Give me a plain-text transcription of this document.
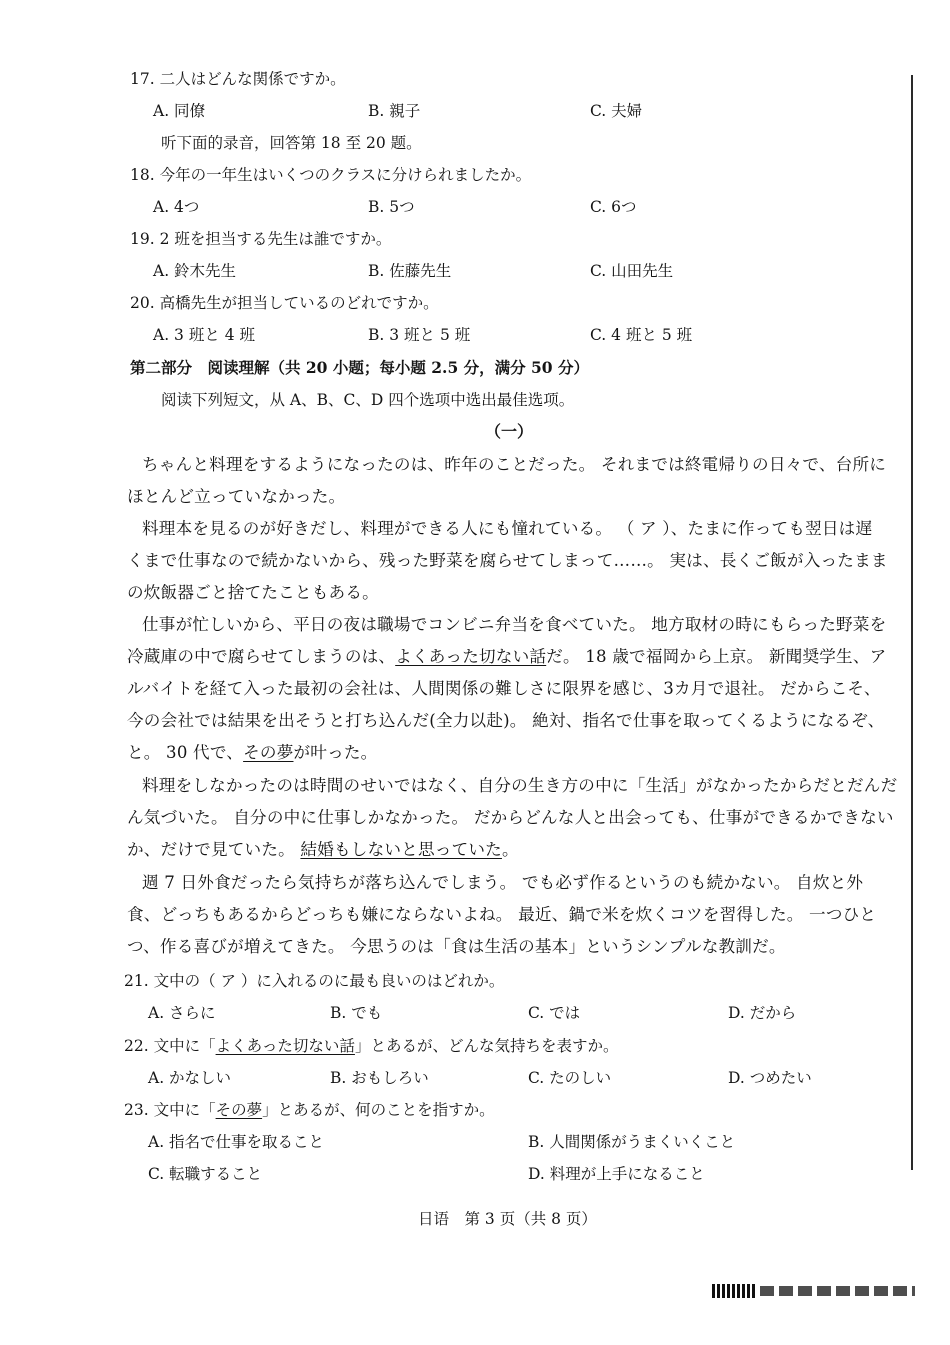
17. 二人はどんな関係ですか。
A. 同僚	B. 親子	C. 夫婦
听下面的录音，回答第 18 至 20 题。
18. 今年の一年生はいくつのクラスに分けられましたか。
A. 4つ	B. 5つ	C. 6つ
19. 2 班を担当する先生は誰ですか。
A. 鈴木先生	B. 佐藤先生	C. 山田先生
20. 高橋先生が担当しているのどれですか。
A. 3 班と 4 班	B. 3 班と 5 班	C. 4 班と 5 班
第二部分　阅读理解（共 20 小题；每小题 2.5 分，满分 50 分）
阅读下列短文，从 A、B、C、D 四个选项中选出最佳选项。
（一）
ちゃんと料理をするようになったのは、昨年のことだった。 それまでは終電帰りの日々で、台所に
ほとんど立っていなかった。
料理本を見るのが好きだし、料理ができる人にも憧れている。 （ ア ）、たまに作っても翌日は遅
くまで仕事なので続かないから、残った野菜を腐らせてしまって……。 実は、長くご飯が入ったまま
の炊飯器ごと捨てたこともある。
仕事が忙しいから、平日の夜は職場でコンビニ弁当を食べていた。 地方取材の時にもらった野菜を
冷蔵庫の中で腐らせてしまうのは、よくあった切ない話だ。 18 歳で福岡から上京。 新聞奨学生、ア
ルバイトを経て入った最初の会社は、人間関係の難しさに限界を感じ、3カ月で退社。 だからこそ、
今の会社では結果を出そうと打ち込んだ(全力以赴)。 絶対、指名で仕事を取ってくるようになるぞ、
と。 30 代で、その夢が叶った。
料理をしなかったのは時間のせいではなく、自分の生き方の中に「生活」がなかったからだとだんだ
ん気づいた。 自分の中に仕事しかなかった。 だからどんな人と出会っても、仕事ができるかできない
か、だけで見ていた。 結婚もしないと思っていた。
週 7 日外食だったら気持ちが落ち込んでしまう。 でも必ず作るというのも続かない。 自炊と外
食、どっちもあるからどっちも嫌にならないよね。 最近、鍋で米を炊くコツを習得した。 一つひと
つ、作る喜びが増えてきた。 今思うのは「食は生活の基本」というシンプルな教訓だ。
21. 文中の（ ア ）に入れるのに最も良いのはどれか。
A. さらに	B. でも	C. では	D. だから
22. 文中に「よくあった切ない話」とあるが、どんな気持ちを表すか。
A. かなしい	B. おもしろい	C. たのしい	D. つめたい
23. 文中に「その夢」とあるが、何のことを指すか。
A. 指名で仕事を取ること	B. 人間関係がうまくいくこと
C. 転職すること	D. 料理が上手になること
日语　第 3 页（共 8 页）
